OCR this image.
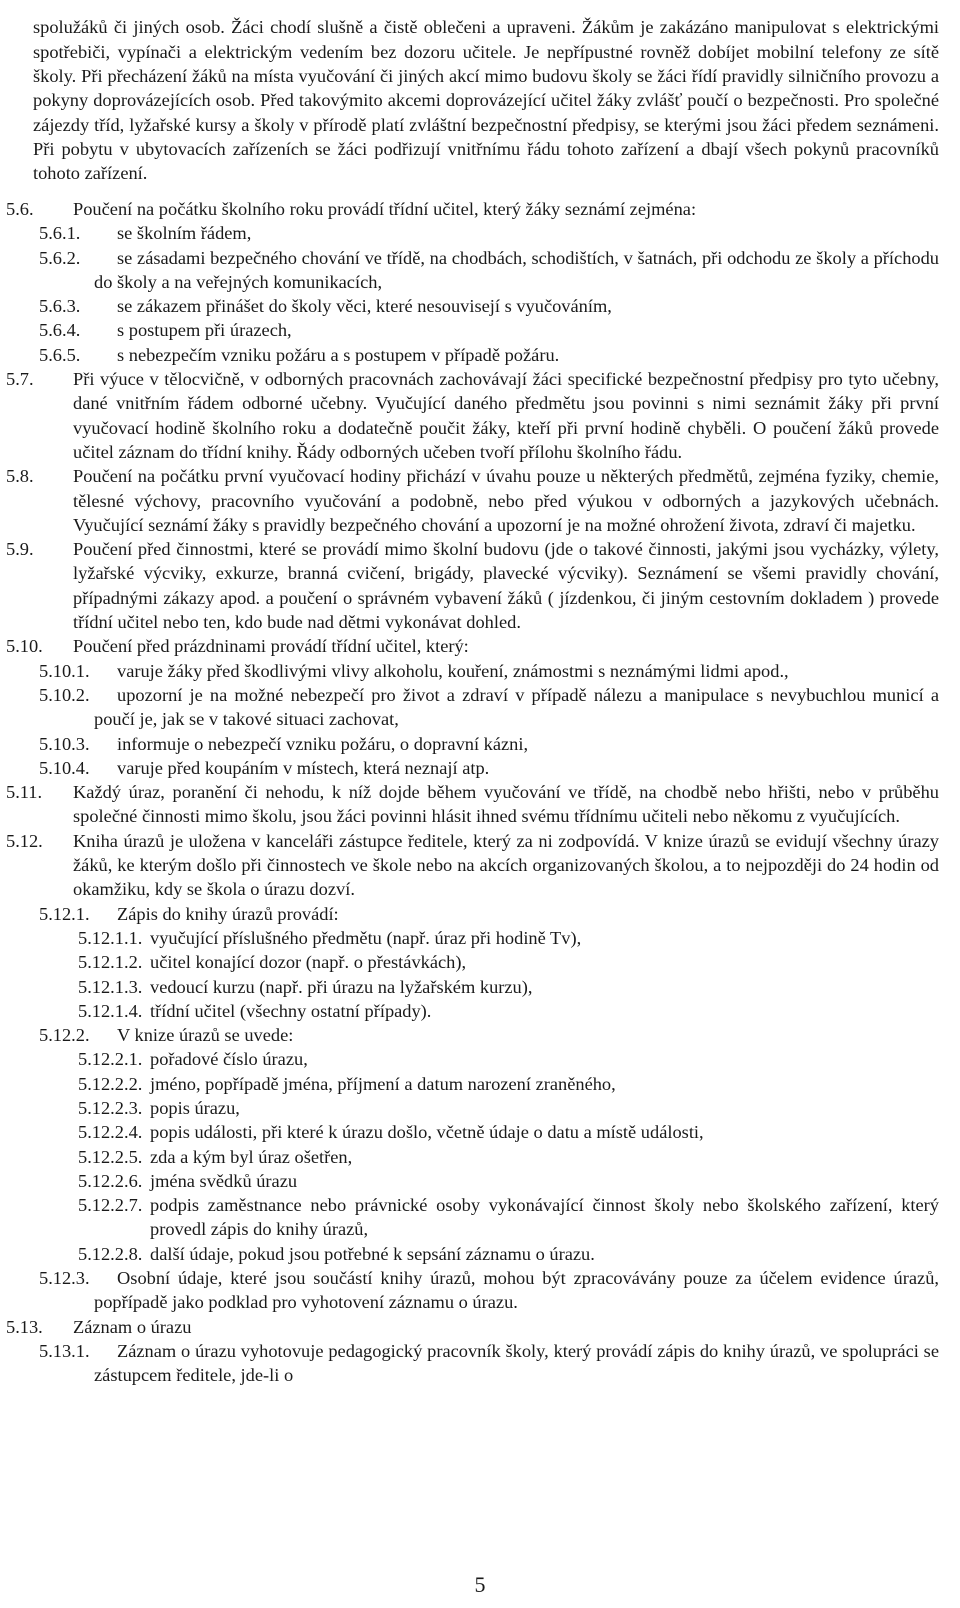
spolužáků či jiných osob. Žáci chodí slušně a čistě oblečeni a upraveni. Žákům je zakázáno manipulovat s elektrickými spotřebiči, vypínači a elektrickým vedením bez dozoru učitele. Je nepřípustné rovněž dobíjet mobilní telefony ze sítě školy. Při přecházení žáků na místa vyučování či jiných akcí mimo budovu školy se žáci řídí pravidly silničního provozu a pokyny doprovázejících osob. Před takovýmito akcemi doprovázející učitel žáky zvlášť poučí o bezpečnosti. Pro společné zájezdy tříd, lyžařské kursy a školy v přírodě platí zvláštní bezpečnostní předpisy, se kterými jsou žáci předem seznámeni. Při pobytu v ubytovacích zařízeních se žáci podřizují vnitřnímu řádu tohoto zařízení a dbají všech pokynů pracovníků tohoto zařízení.

5.6. Poučení na počátku školního roku provádí třídní učitel, který žáky seznámí zejména:
5.6.1. se školním řádem,
5.6.2.	se zásadami bezpečného chování ve třídě, na chodbách, schodištích, v šatnách, při odchodu ze školy a příchodu do školy a na veřejných komunikacích,
5.6.3. se zákazem přinášet do školy věci, které nesouvisejí s vyučováním,
5.6.4. s postupem při úrazech,
5.6.5. s nebezpečím vzniku požáru a s postupem v případě požáru.
5.7. Při výuce v tělocvičně, v odborných pracovnách zachovávají žáci specifické bezpečnostní předpisy pro tyto učebny, dané vnitřním řádem odborné učebny. Vyučující daného předmětu jsou povinni s nimi seznámit žáky při první vyučovací hodině školního roku a dodatečně poučit žáky, kteří při první hodině chyběli. O poučení žáků provede učitel záznam do třídní knihy. Řády odborných učeben tvoří přílohu školního řádu.
5.8. Poučení na počátku první vyučovací hodiny přichází v úvahu pouze u některých předmětů, zejména fyziky, chemie, tělesné výchovy, pracovního vyučování a podobně, nebo před výukou v odborných a jazykových učebnách. Vyučující seznámí žáky s pravidly bezpečného chování a upozorní je na možné ohrožení života, zdraví či majetku.
5.9. Poučení před činnostmi, které se provádí mimo školní budovu (jde o takové činnosti, jakými jsou vycházky, výlety, lyžařské výcviky, exkurze, branná cvičení, brigády, plavecké výcviky). Seznámení se všemi pravidly chování, případnými zákazy apod. a poučení o správném vybavení žáků ( jízdenkou, či jiným cestovním dokladem ) provede třídní učitel nebo ten, kdo bude nad dětmi vykonávat dohled.
5.10. Poučení před prázdninami provádí třídní učitel, který:
5.10.1.	varuje žáky před škodlivými vlivy alkoholu, kouření, známostmi s neznámými lidmi apod.,
5.10.2.	upozorní je na možné nebezpečí pro život a zdraví v případě nálezu a manipulace s nevybuchlou municí a poučí je, jak se v takové situaci zachovat,
5.10.3.	informuje o nebezpečí vzniku požáru, o dopravní kázni,
5.10.4.	varuje před koupáním v místech, která neznají atp.
5.11. Každý úraz, poranění či nehodu, k níž dojde během vyučování ve třídě, na chodbě nebo hřišti, nebo v průběhu společné činnosti mimo školu, jsou žáci povinni hlásit ihned svému třídnímu učiteli nebo někomu z vyučujících.
5.12. Kniha úrazů je uložena v kanceláři zástupce ředitele, který za ni zodpovídá. V knize úrazů se evidují všechny úrazy žáků, ke kterým došlo při činnostech ve škole nebo na akcích organizovaných školou, a to nejpozději do 24 hodin od okamžiku, kdy se škola o úrazu dozví.
5.12.1. Zápis do knihy úrazů provádí:
5.12.1.1. vyučující příslušného předmětu (např. úraz při hodině Tv),
5.12.1.2. učitel konající dozor (např. o přestávkách),
5.12.1.3. vedoucí kurzu (např. při úrazu na lyžařském kurzu),
5.12.1.4. třídní učitel (všechny ostatní případy).
5.12.2. V knize úrazů se uvede:
5.12.2.1. pořadové číslo úrazu,
5.12.2.2. jméno, popřípadě jména, příjmení a datum narození zraněného,
5.12.2.3. popis úrazu,
5.12.2.4. popis události, při které k úrazu došlo, včetně údaje o datu a místě události,
5.12.2.5. zda a kým byl úraz ošetřen,
5.12.2.6. jména svědků úrazu
5.12.2.7. podpis zaměstnance nebo právnické osoby vykonávající činnost školy nebo školského zařízení, který provedl zápis do knihy úrazů,
5.12.2.8. další údaje, pokud jsou potřebné k sepsání záznamu o úrazu.
5.12.3.	Osobní údaje, které jsou součástí knihy úrazů, mohou být zpracovávány pouze za účelem evidence úrazů, popřípadě jako podklad pro vyhotovení záznamu o úrazu.
5.13. Záznam o úrazu
5.13.1.	Záznam o úrazu vyhotovuje pedagogický pracovník školy, který provádí zápis do knihy úrazů, ve spolupráci se zástupcem ředitele, jde-li o
5
